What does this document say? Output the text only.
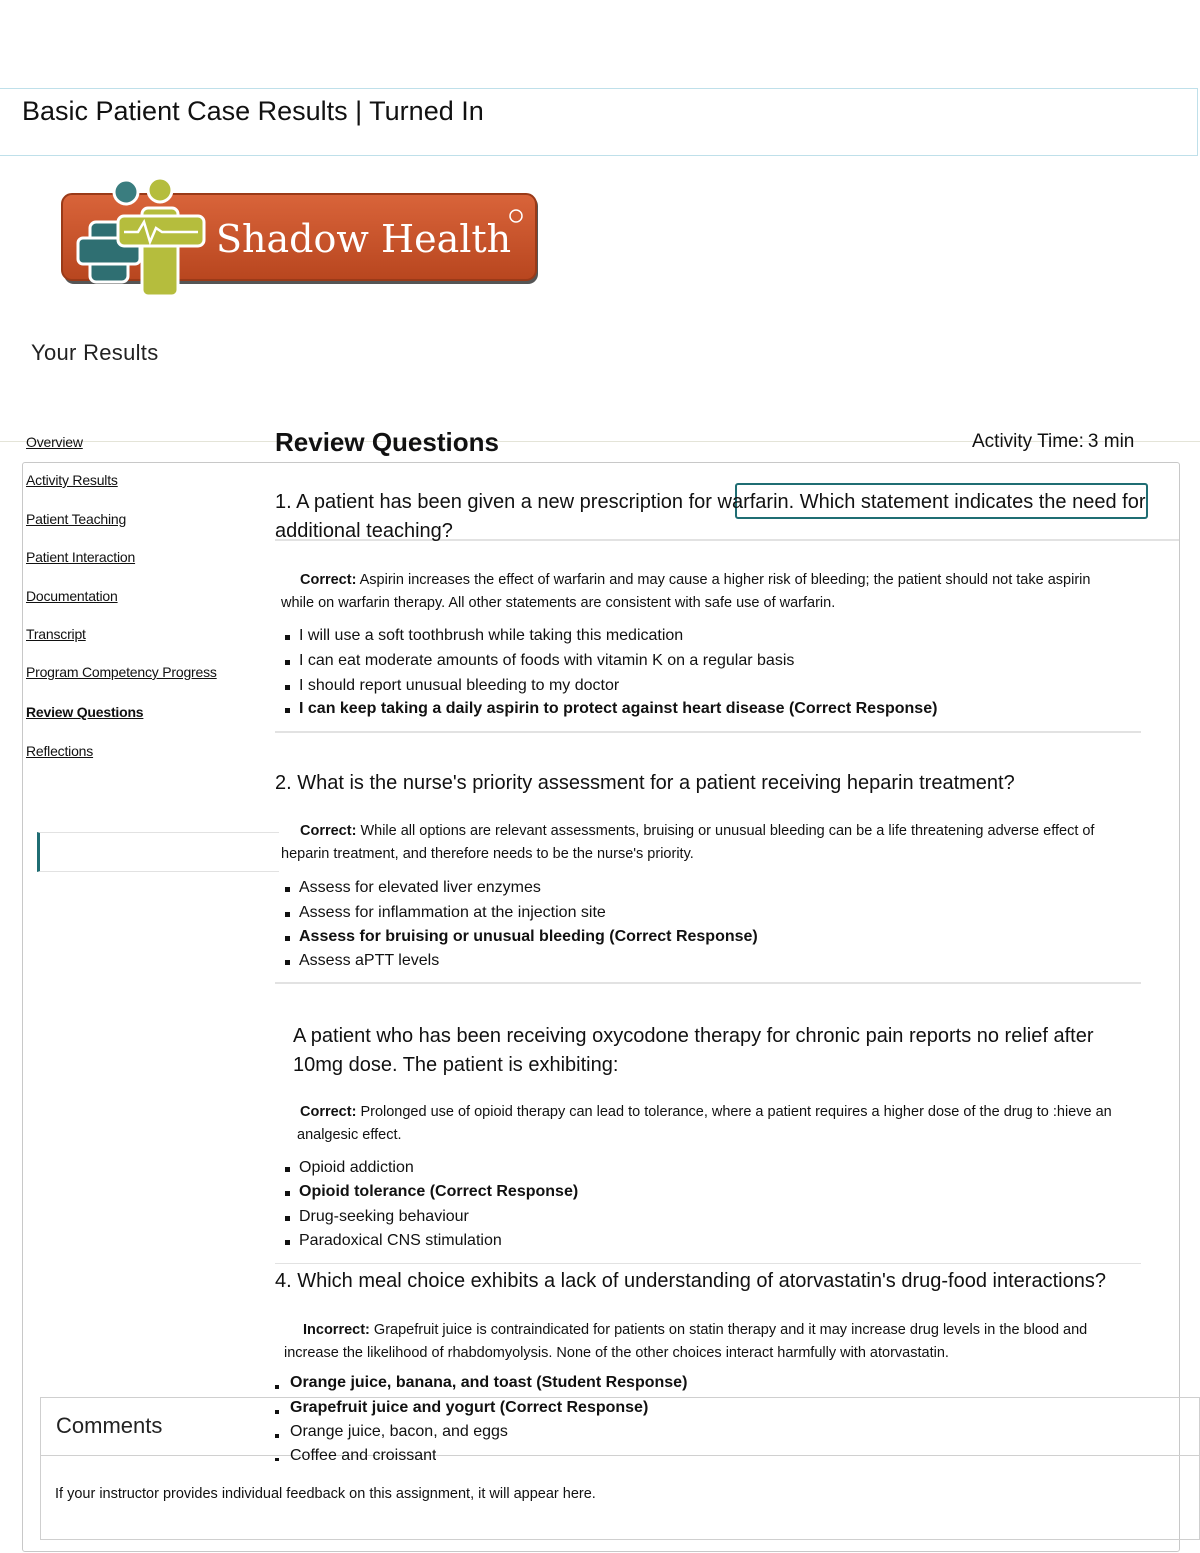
Basic Patient Case Results | Turned In
Shadow Health
Your Results
Overview
Activity Results
Patient Teaching
Patient Interaction
Documentation
Transcript
Program Competency Progress
Review Questions
Reflections
Review Questions	Activity Time: 3 min

1. A patient has been given a new prescription for warfarin. Which statement indicates the need for additional teaching?

Correct: Aspirin increases the effect of warfarin and may cause a higher risk of bleeding; the patient should not take aspirin while on warfarin therapy. All other statements are consistent with safe use of warfarin.
I will use a soft toothbrush while taking this medication
I can eat moderate amounts of foods with vitamin K on a regular basis
I should report unusual bleeding to my doctor
I can keep taking a daily aspirin to protect against heart disease (Correct Response)

2. What is the nurse's priority assessment for a patient receiving heparin treatment?

Correct: While all options are relevant assessments, bruising or unusual bleeding can be a life threatening adverse effect of heparin treatment, and therefore needs to be the nurse's priority.
Assess for elevated liver enzymes
Assess for inflammation at the injection site
Assess for bruising or unusual bleeding (Correct Response)
Assess aPTT levels

A patient who has been receiving oxycodone therapy for chronic pain reports no relief after 10mg dose. The patient is exhibiting:

Correct: Prolonged use of opioid therapy can lead to tolerance, where a patient requires a higher dose of the drug to :hieve an analgesic effect.
Opioid addiction
Opioid tolerance (Correct Response)
Drug-seeking behaviour
Paradoxical CNS stimulation

4. Which meal choice exhibits a lack of understanding of atorvastatin's drug-food interactions?

Incorrect: Grapefruit juice is contraindicated for patients on statin therapy and it may increase drug levels in the blood and increase the likelihood of rhabdomyolysis. None of the other choices interact harmfully with atorvastatin.
Comments
If your instructor provides individual feedback on this assignment, it will appear here.
Orange juice, banana, and toast (Student Response)
Grapefruit juice and yogurt (Correct Response)
Orange juice, bacon, and eggs
Coffee and croissant
